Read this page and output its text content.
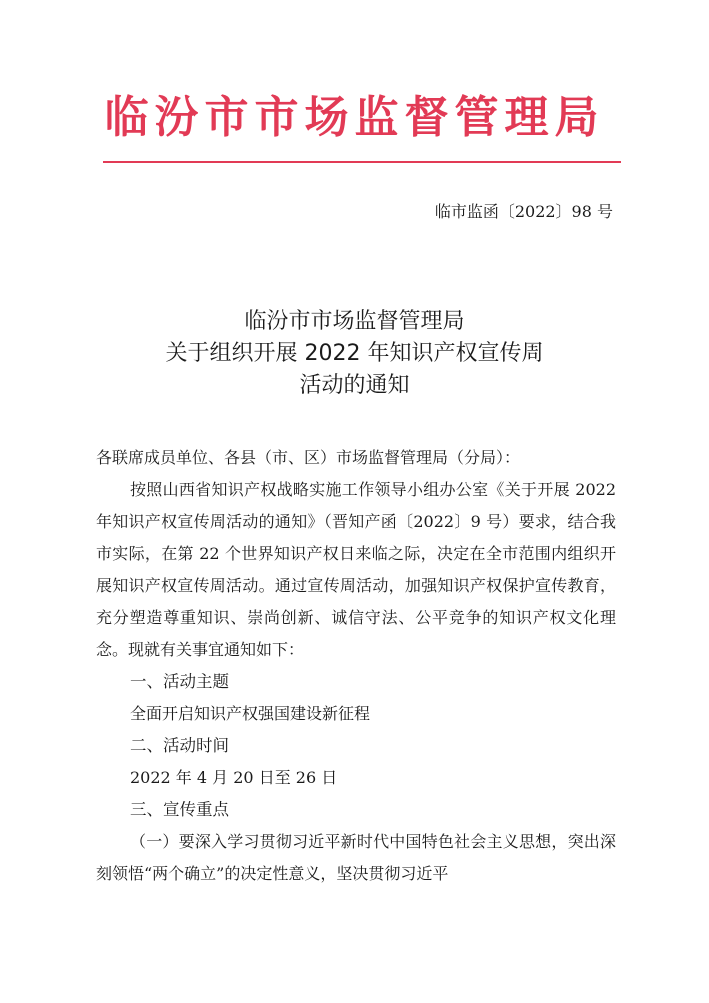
临汾市市场监督管理局
临市监函〔2022〕98 号
临汾市市场监督管理局
关于组织开展 2022 年知识产权宣传周
活动的通知

各联席成员单位、各县（市、区）市场监督管理局（分局）：

按照山西省知识产权战略实施工作领导小组办公室《关于开展 2022 年知识产权宣传周活动的通知》（晋知产函〔2022〕9 号）要求，结合我市实际，在第 22 个世界知识产权日来临之际，决定在全市范围内组织开展知识产权宣传周活动。通过宣传周活动，加强知识产权保护宣传教育，充分塑造尊重知识、崇尚创新、诚信守法、公平竞争的知识产权文化理念。现就有关事宜通知如下：

一、活动主题

全面开启知识产权强国建设新征程

二、活动时间

2022 年 4 月 20 日至 26 日

三、宣传重点

（一）要深入学习贯彻习近平新时代中国特色社会主义思想，突出深刻领悟“两个确立”的决定性意义，坚决贯彻习近平
